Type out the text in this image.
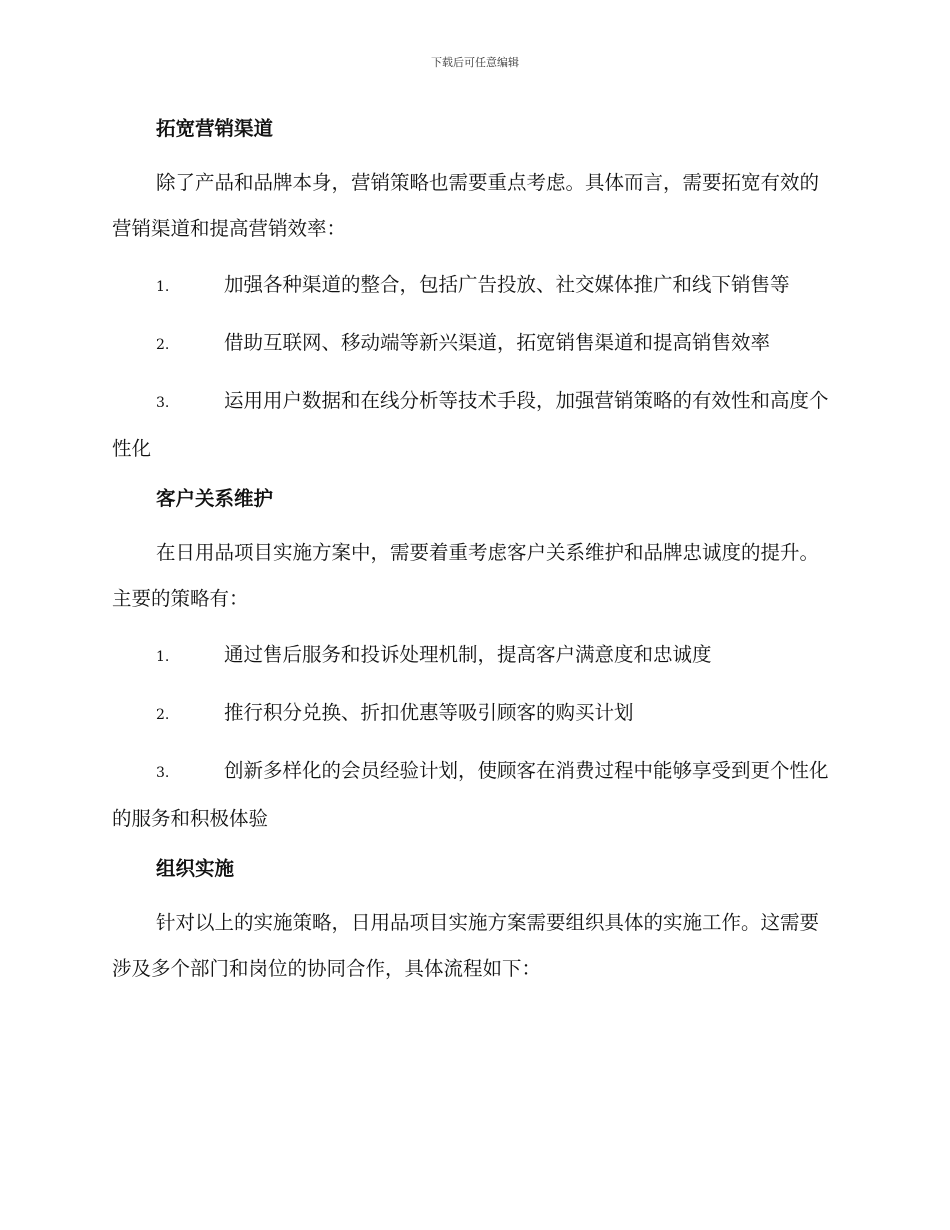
下载后可任意编辑
拓宽营销渠道

除了产品和品牌本身，营销策略也需要重点考虑。具体而言，需要拓宽有效的营销渠道和提高营销效率：

1.	加强各种渠道的整合，包括广告投放、社交媒体推广和线下销售等

2.	借助互联网、移动端等新兴渠道，拓宽销售渠道和提高销售效率

3.	运用用户数据和在线分析等技术手段，加强营销策略的有效性和高度个性化

客户关系维护

在日用品项目实施方案中，需要着重考虑客户关系维护和品牌忠诚度的提升。主要的策略有：

1.	通过售后服务和投诉处理机制，提高客户满意度和忠诚度

2.	推行积分兑换、折扣优惠等吸引顾客的购买计划

3.	创新多样化的会员经验计划，使顾客在消费过程中能够享受到更个性化的服务和积极体验

组织实施

针对以上的实施策略，日用品项目实施方案需要组织具体的实施工作。这需要涉及多个部门和岗位的协同合作，具体流程如下：
